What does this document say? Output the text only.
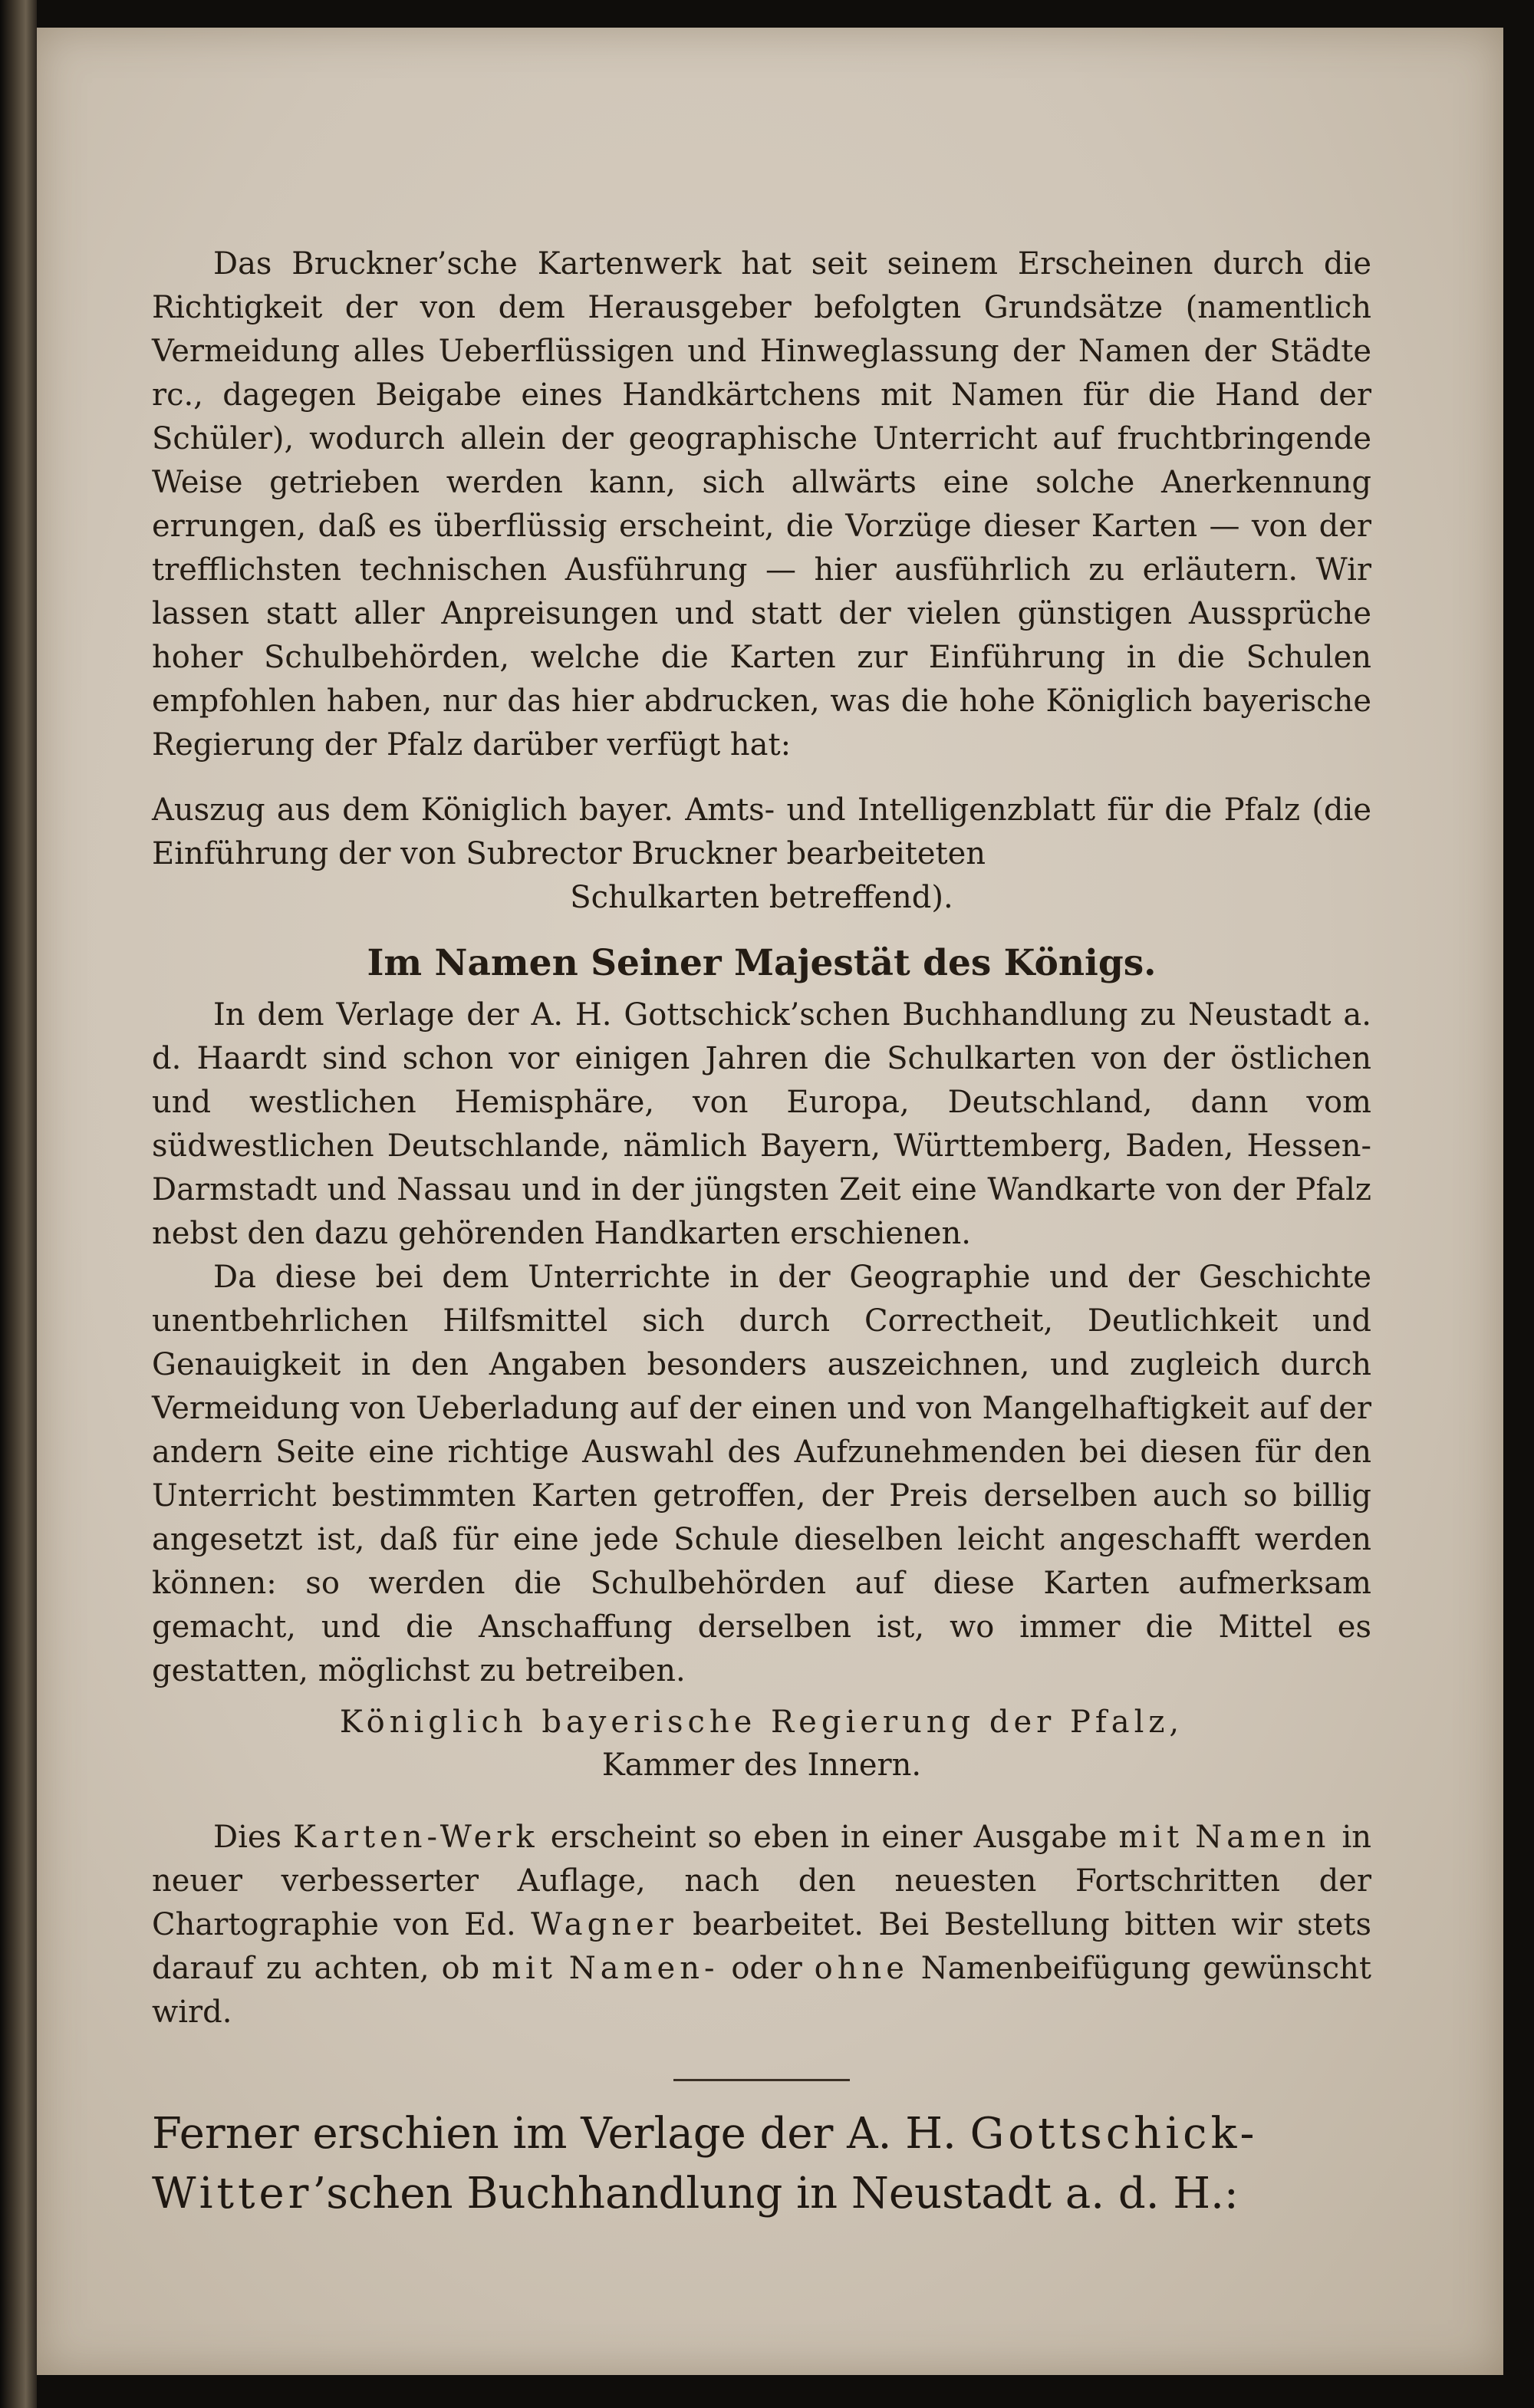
Das Bruckner’sche Kartenwerk hat seit seinem Erscheinen durch die Richtigkeit der von dem Herausgeber befolgten Grundsätze (namentlich Vermeidung alles Ueberflüssigen und Hinweglassung der Namen der Städte rc., dagegen Beigabe eines Handkärtchens mit Namen für die Hand der Schüler), wodurch allein der geographische Unterricht auf fruchtbringende Weise getrieben werden kann, sich allwärts eine solche Anerkennung errungen, daß es überflüssig erscheint, die Vorzüge dieser Karten — von der trefflichsten technischen Ausführung — hier ausführlich zu erläutern. Wir lassen statt aller Anpreisungen und statt der vielen günstigen Aussprüche hoher Schulbehörden, welche die Karten zur Einführung in die Schulen empfohlen haben, nur das hier abdrucken, was die hohe Königlich bayerische Regierung der Pfalz darüber verfügt hat:

Auszug aus dem Königlich bayer. Amts- und Intelligenzblatt für die Pfalz (die Einführung der von Subrector Bruckner bearbeiteten
Schulkarten betreffend).

Im Namen Seiner Majestät des Königs.

In dem Verlage der A. H. Gottschick’schen Buchhandlung zu Neustadt a. d. Haardt sind schon vor einigen Jahren die Schulkarten von der östlichen und westlichen Hemisphäre, von Europa, Deutschland, dann vom südwestlichen Deutschlande, nämlich Bayern, Württemberg, Baden, Hessen-Darmstadt und Nassau und in der jüngsten Zeit eine Wandkarte von der Pfalz nebst den dazu gehörenden Handkarten erschienen.

Da diese bei dem Unterrichte in der Geographie und der Geschichte unentbehrlichen Hilfsmittel sich durch Correctheit, Deutlichkeit und Genauigkeit in den Angaben besonders auszeichnen, und zugleich durch Vermeidung von Ueberladung auf der einen und von Mangelhaftigkeit auf der andern Seite eine richtige Auswahl des Aufzunehmenden bei diesen für den Unterricht bestimmten Karten getroffen, der Preis derselben auch so billig angesetzt ist, daß für eine jede Schule dieselben leicht angeschafft werden können: so werden die Schulbehörden auf diese Karten aufmerksam gemacht, und die Anschaffung derselben ist, wo immer die Mittel es gestatten, möglichst zu betreiben.

Königlich bayerische Regierung der Pfalz,
Kammer des Innern.

Dies Karten-Werk erscheint so eben in einer Ausgabe mit Namen in neuer verbesserter Auflage, nach den neuesten Fortschritten der Chartographie von Ed. Wagner bearbeitet. Bei Bestellung bitten wir stets darauf zu achten, ob mit Namen- oder ohne Namenbeifügung gewünscht wird.

Ferner erschien im Verlage der A. H. Gottschick-
Witter’schen Buchhandlung in Neustadt a. d. H.:
